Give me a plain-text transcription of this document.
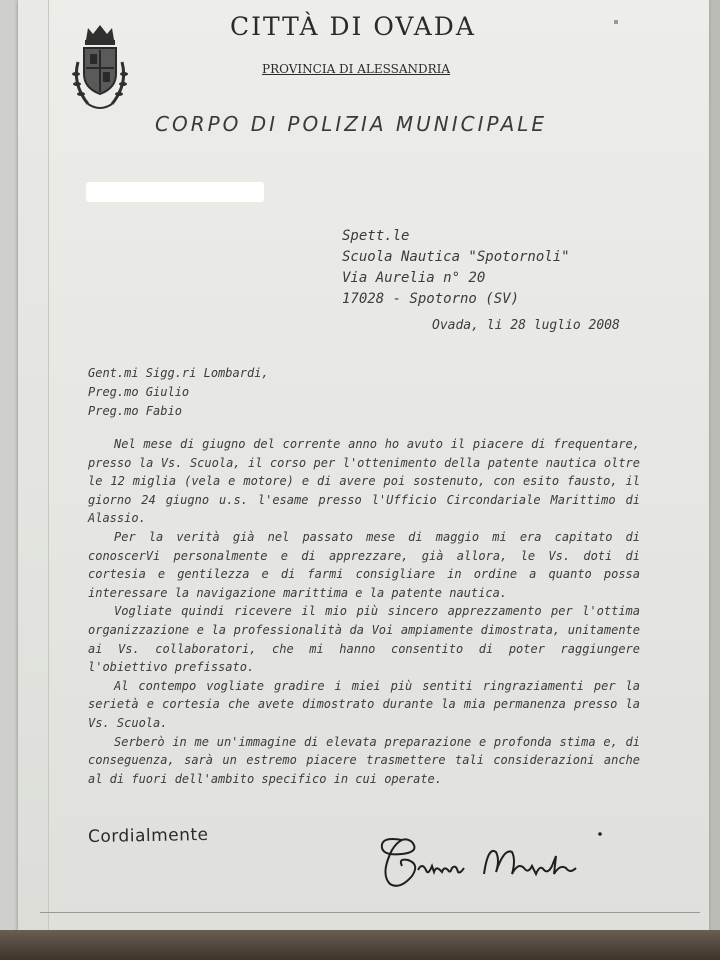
CITTÀ DI OVADA
PROVINCIA DI ALESSANDRIA
CORPO DI POLIZIA MUNICIPALE
Spett.le
Scuola Nautica "Spotornoli"
Via Aurelia n° 20
17028 - Spotorno (SV)
Ovada, li 28 luglio 2008
Gent.mi Sigg.ri Lombardi,
Preg.mo Giulio
Preg.mo Fabio

Nel mese di giugno del corrente anno ho avuto il piacere di frequentare, presso la Vs. Scuola, il corso per l'ottenimento della patente nautica oltre le 12 miglia (vela e motore) e di avere poi sostenuto, con esito fausto, il giorno 24 giugno u.s. l'esame presso l'Ufficio Circondariale Marittimo di Alassio.

Per la verità già nel passato mese di maggio mi era capitato di conoscerVi personalmente e di apprezzare, già allora, le Vs. doti di cortesia e gentilezza e di farmi consigliare in ordine a quanto possa interessare la navigazione marittima e la patente nautica.

Vogliate quindi ricevere il mio più sincero apprezzamento per l'ottima organizzazione e la professionalità da Voi ampiamente dimostrata, unitamente ai Vs. collaboratori, che mi hanno consentito di poter raggiungere l'obiettivo prefissato.

Al contempo vogliate gradire i miei più sentiti ringraziamenti per la serietà e cortesia che avete dimostrato durante la mia permanenza presso la Vs. Scuola.

Serberò in me un'immagine di elevata preparazione e profonda stima e, di conseguenza, sarà un estremo piacere trasmettere tali considerazioni anche al di fuori dell'ambito specifico in cui operate.

Cordialmente
